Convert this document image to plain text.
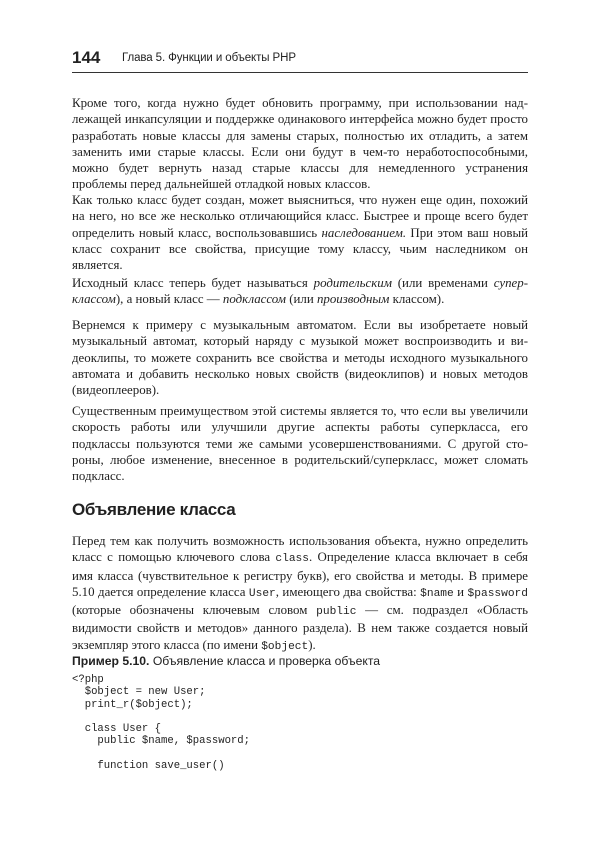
144 Глава 5. Функции и объекты PHP

Кроме того, когда нужно будет обновить программу, при использовании надлежащей инкапсуляции и поддержке одинакового интерфейса можно будет просто разработать новые классы для замены старых, полностью их отладить, а затем заменить ими старые классы. Если они будут в чем-то неработоспособными, можно будет вернуть назад старые классы для немедленного устранения проблемы перед дальнейшей отладкой новых классов.

Как только класс будет создан, может выясниться, что нужен еще один, похожий на него, но все же несколько отличающийся класс. Быстрее и проще всего будет определить новый класс, воспользовавшись наследованием. При этом ваш новый класс сохранит все свойства, присущие тому классу, чьим наследником он является.

Исходный класс теперь будет называться родительским (или временами суперклассом), а новый класс — подклассом (или производным классом).

Вернемся к примеру с музыкальным автоматом. Если вы изобретаете новый музыкальный автомат, который наряду с музыкой может воспроизводить и видеоклипы, то можете сохранить все свойства и методы исходного музыкального автомата и добавить несколько новых свойств (видеоклипов) и новых методов (видеоплееров).

Существенным преимуществом этой системы является то, что если вы увеличили скорость работы или улучшили другие аспекты работы суперкласса, его подклассы пользуются теми же самыми усовершенствованиями. С другой стороны, любое изменение, внесенное в родительский/суперкласс, может сломать подкласс.

Объявление класса

Перед тем как получить возможность использования объекта, нужно определить класс с помощью ключевого слова class. Определение класса включает в себя имя класса (чувствительное к регистру букв), его свойства и методы. В примере 5.10 дается определение класса User, имеющего два свойства: $name и $password (которые обозначены ключевым словом public — см. подраздел «Область видимости свойств и методов» данного раздела). В нем также создается новый экземпляр этого класса (по имени $object).

Пример 5.10. Объявление класса и проверка объекта

<?php
$object = new User;
print_r($object);

class User {
public $name, $password;

function save_user()
